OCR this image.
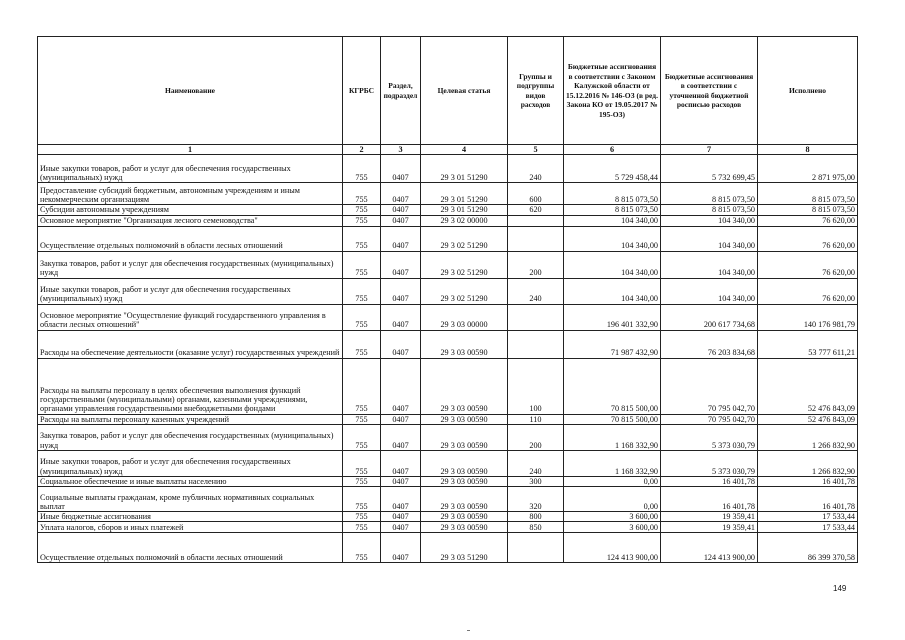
Наименование	КГРБС	Раздел, подраздел	Целевая статья	Группы и подгруппы видов расходов	Бюджетные ассигнования в соответствии с Законом Калужской области от 15.12.2016 № 146-ОЗ (в ред. Закона КО от 19.05.2017 № 195-ОЗ)	Бюджетные ассигнования в соответствии с уточненной бюджетной росписью расходов	Исполнено
1	2	3	4	5	6	7	8
Иные закупки товаров, работ и услуг для обеспечения государственных (муниципальных) нужд	755	0407	29 3 01 51290	240	5 729 458,44	5 732 699,45	2 871 975,00
Предоставление субсидий бюджетным, автономным учреждениям и иным некоммерческим организациям	755	0407	29 3 01 51290	600	8 815 073,50	8 815 073,50	8 815 073,50
Субсидии автономным учреждениям	755	0407	29 3 01 51290	620	8 815 073,50	8 815 073,50	8 815 073,50
Основное мероприятие "Организация лесного семеноводства"	755	0407	29 3 02 00000		104 340,00	104 340,00	76 620,00
Осуществление отдельных полномочий в области лесных отношений	755	0407	29 3 02 51290		104 340,00	104 340,00	76 620,00
Закупка товаров, работ и услуг для обеспечения государственных (муниципальных) нужд	755	0407	29 3 02 51290	200	104 340,00	104 340,00	76 620,00
Иные закупки товаров, работ и услуг для обеспечения государственных (муниципальных) нужд	755	0407	29 3 02 51290	240	104 340,00	104 340,00	76 620,00
Основное мероприятие "Осуществление функций государственного управления в области лесных отношений"	755	0407	29 3 03 00000		196 401 332,90	200 617 734,68	140 176 981,79
Расходы на обеспечение деятельности (оказание услуг) государственных учреждений	755	0407	29 3 03 00590		71 987 432,90	76 203 834,68	53 777 611,21
Расходы на выплаты персоналу в целях обеспечения выполнения функций государственными (муниципальными) органами, казенными учреждениями, органами управления государственными внебюджетными фондами	755	0407	29 3 03 00590	100	70 815 500,00	70 795 042,70	52 476 843,09
Расходы на выплаты персоналу казенных учреждений	755	0407	29 3 03 00590	110	70 815 500,00	70 795 042,70	52 476 843,09
Закупка товаров, работ и услуг для обеспечения государственных (муниципальных) нужд	755	0407	29 3 03 00590	200	1 168 332,90	5 373 030,79	1 266 832,90
Иные закупки товаров, работ и услуг для обеспечения государственных (муниципальных) нужд	755	0407	29 3 03 00590	240	1 168 332,90	5 373 030,79	1 266 832,90
Социальное обеспечение и иные выплаты населению	755	0407	29 3 03 00590	300	0,00	16 401,78	16 401,78
Социальные выплаты гражданам, кроме публичных нормативных социальных выплат	755	0407	29 3 03 00590	320	0,00	16 401,78	16 401,78
Иные бюджетные ассигнования	755	0407	29 3 03 00590	800	3 600,00	19 359,41	17 533,44
Уплата налогов, сборов и иных платежей	755	0407	29 3 03 00590	850	3 600,00	19 359,41	17 533,44
Осуществление отдельных полномочий в области лесных отношений	755	0407	29 3 03 51290		124 413 900,00	124 413 900,00	86 399 370,58
149
